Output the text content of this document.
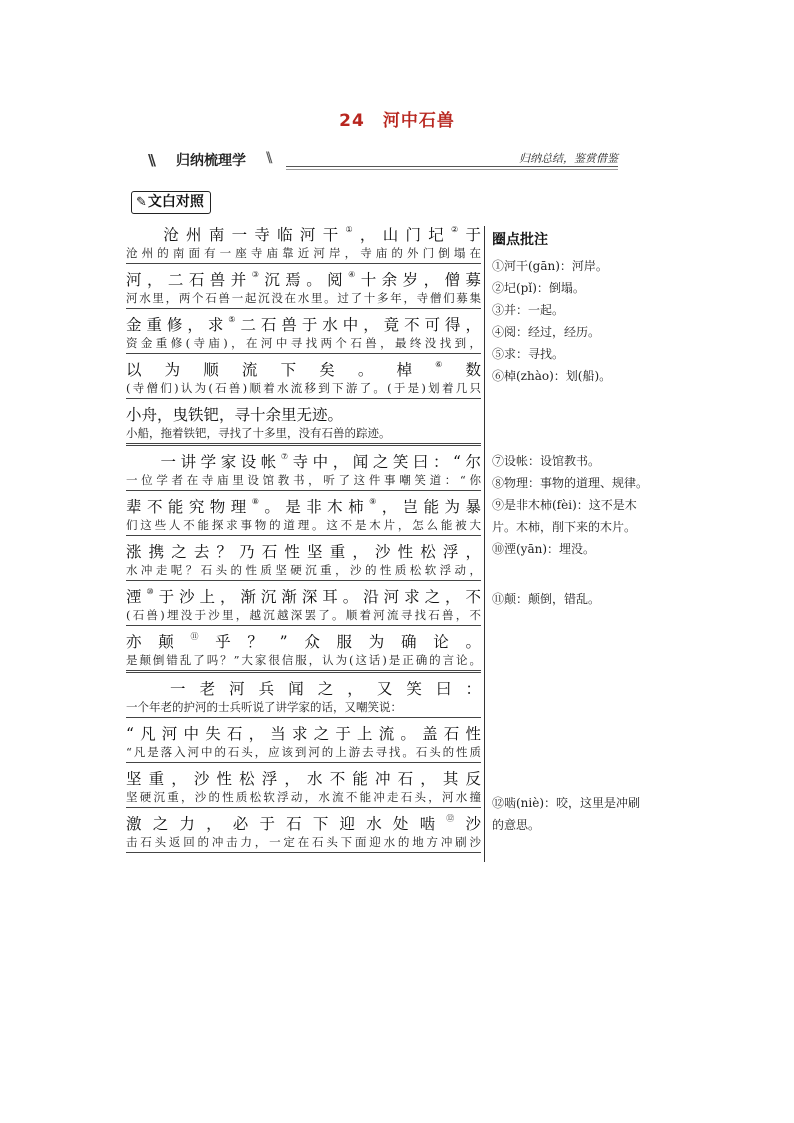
24　河中石兽
\\ 归纳梳理学 \\	归纳总结，鉴赏借鉴
✎文白对照
沧州南一寺临河干①，山门圮②于
沧州的南面有一座寺庙靠近河岸，寺庙的外门倒塌在
河，二石兽并③沉焉。阅④十余岁，僧募
河水里，两个石兽一起沉没在水里。过了十多年，寺僧们募集
金重修，求⑤二石兽于水中，竟不可得，
资金重修(寺庙)，在河中寻找两个石兽，最终没找到，
以为顺流下矣。棹⑥数
(寺僧们)认为(石兽)顺着水流移到下游了。(于是)划着几只
小舟，曳铁钯，寻十余里无迹。
小船，拖着铁钯，寻找了十多里，没有石兽的踪迹。
一讲学家设帐⑦寺中，闻之笑曰：“尔
一位学者在寺庙里设馆教书，听了这件事嘲笑道：“你
辈不能究物理⑧。是非木柿⑨，岂能为暴
们这些人不能探求事物的道理。这不是木片，怎么能被大
涨携之去？乃石性坚重，沙性松浮，
水冲走呢？石头的性质坚硬沉重，沙的性质松软浮动，
湮⑩于沙上，渐沉渐深耳。沿河求之，不
(石兽)埋没于沙里，越沉越深罢了。顺着河流寻找石兽，不
亦颠⑪乎？”众服为确论。
是颠倒错乱了吗？”大家很信服，认为(这话)是正确的言论。
一老河兵闻之，又笑曰：
一个年老的护河的士兵听说了讲学家的话，又嘲笑说：
“凡河中失石，当求之于上流。盖石性
“凡是落入河中的石头，应该到河的上游去寻找。石头的性质
坚重，沙性松浮，水不能冲石，其反
坚硬沉重，沙的性质松软浮动，水流不能冲走石头，河水撞
激之力，必于石下迎水处啮⑫沙
击石头返回的冲击力，一定在石头下面迎水的地方冲刷沙
圈点批注
①河干(gān)：河岸。
②圮(pǐ)：倒塌。
③并：一起。
④阅：经过，经历。
⑤求：寻找。
⑥棹(zhào)：划(船)。
⑦设帐：设馆教书。
⑧物理：事物的道理、规律。
⑨是非木柿(fèi)：这不是木片。木柿，削下来的木片。
⑩湮(yān)：埋没。
⑪颠：颠倒，错乱。
⑫啮(niè)：咬，这里是冲刷的意思。
